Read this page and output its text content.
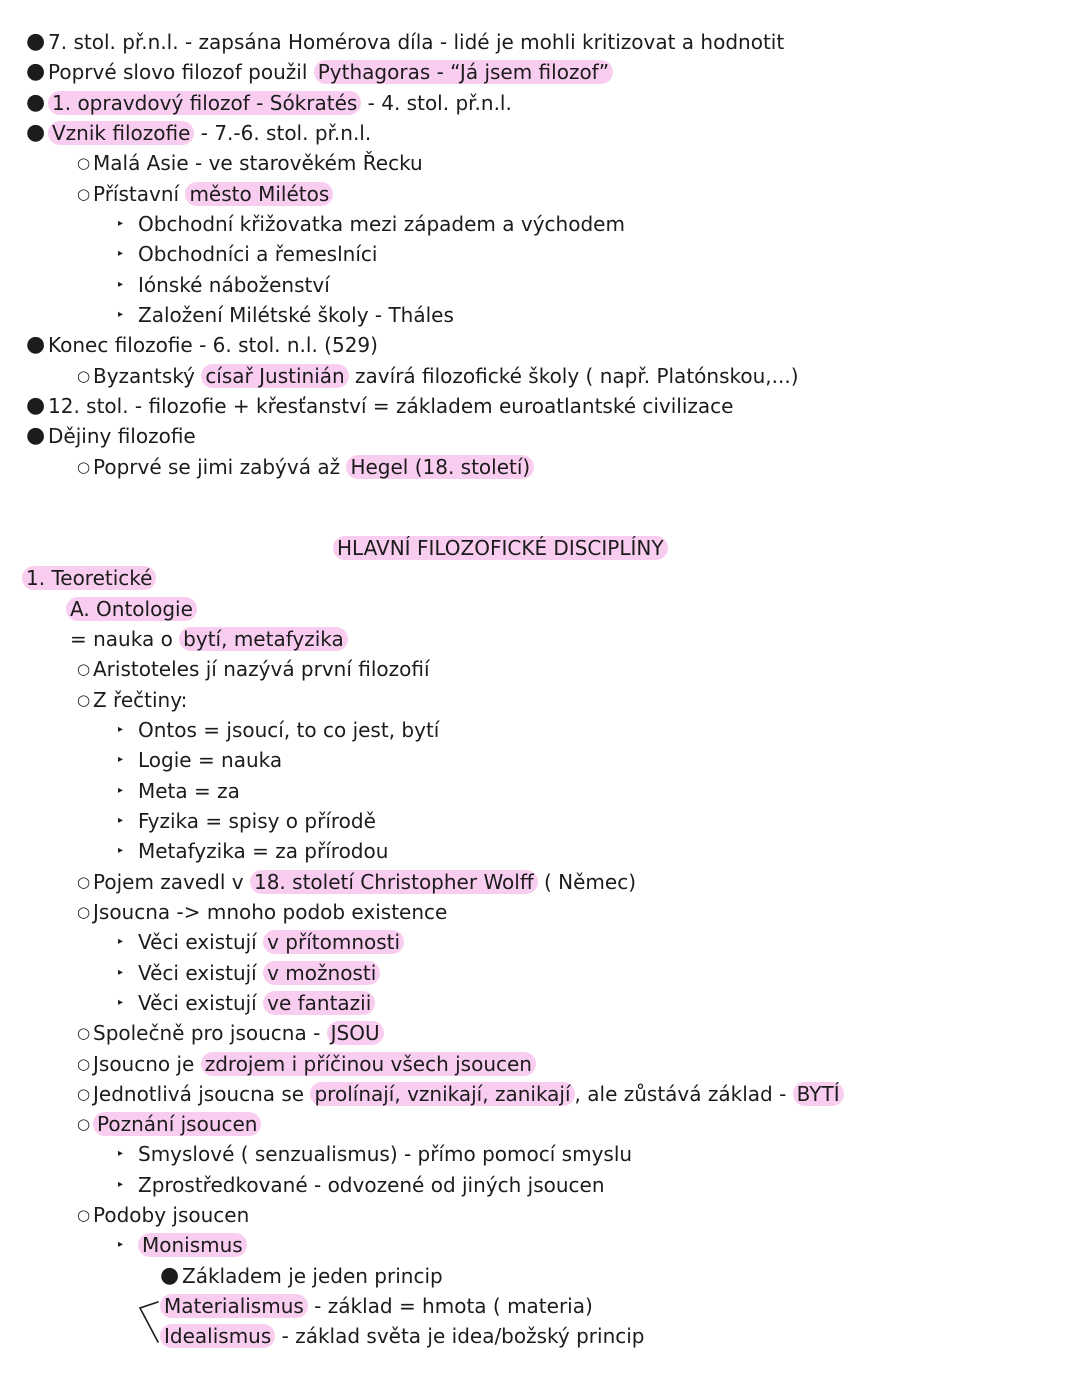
● 7. stol. př.n.l. - zapsána Homérova díla - lidé je mohli kritizovat a hodnotit
● Poprvé slovo filozof použil Pythagoras - “Já jsem filozof”
● 1. opravdový filozof - Sókratés - 4. stol. př.n.l.
● Vznik filozofie - 7.-6. stol. př.n.l.
○ Malá Asie - ve starověkém Řecku
○ Přístavní město Milétos
▸ Obchodní křižovatka mezi západem a východem
▸ Obchodníci a řemeslníci
▸ Iónské náboženství
▸ Založení Milétské školy - Tháles
● Konec filozofie - 6. stol. n.l. (529)
○ Byzantský císař Justinián zavírá filozofické školy ( např. Platónskou,...)
● 12. stol. - filozofie + křesťanství = základem euroatlantské civilizace
● Dějiny filozofie
○ Poprvé se jimi zabývá až Hegel (18. století)
HLAVNÍ FILOZOFICKÉ DISCIPLÍNY
1. Teoretické
A. Ontologie
= nauka o bytí, metafyzika
○ Aristoteles jí nazývá první filozofií
○ Z řečtiny:
▸ Ontos = jsoucí, to co jest, bytí
▸ Logie = nauka
▸ Meta = za
▸ Fyzika = spisy o přírodě
▸ Metafyzika = za přírodou
○ Pojem zavedl v 18. století Christopher Wolff ( Němec)
○ Jsoucna -> mnoho podob existence
▸ Věci existují v přítomnosti
▸ Věci existují v možnosti
▸ Věci existují ve fantazii
○ Společně pro jsoucna - JSOU
○ Jsoucno je zdrojem i příčinou všech jsoucen
○ Jednotlivá jsoucna se prolínají, vznikají, zanikají , ale zůstává základ - BYTÍ
○ Poznání jsoucen
▸ Smyslové ( senzualismus) - přímo pomocí smyslu
▸ Zprostředkované - odvozené od jiných jsoucen
○ Podoby jsoucen
▸ Monismus
● Základem je jeden princip
Materialismus - základ = hmota ( materia)
Idealismus - základ světa je idea/božský princip
